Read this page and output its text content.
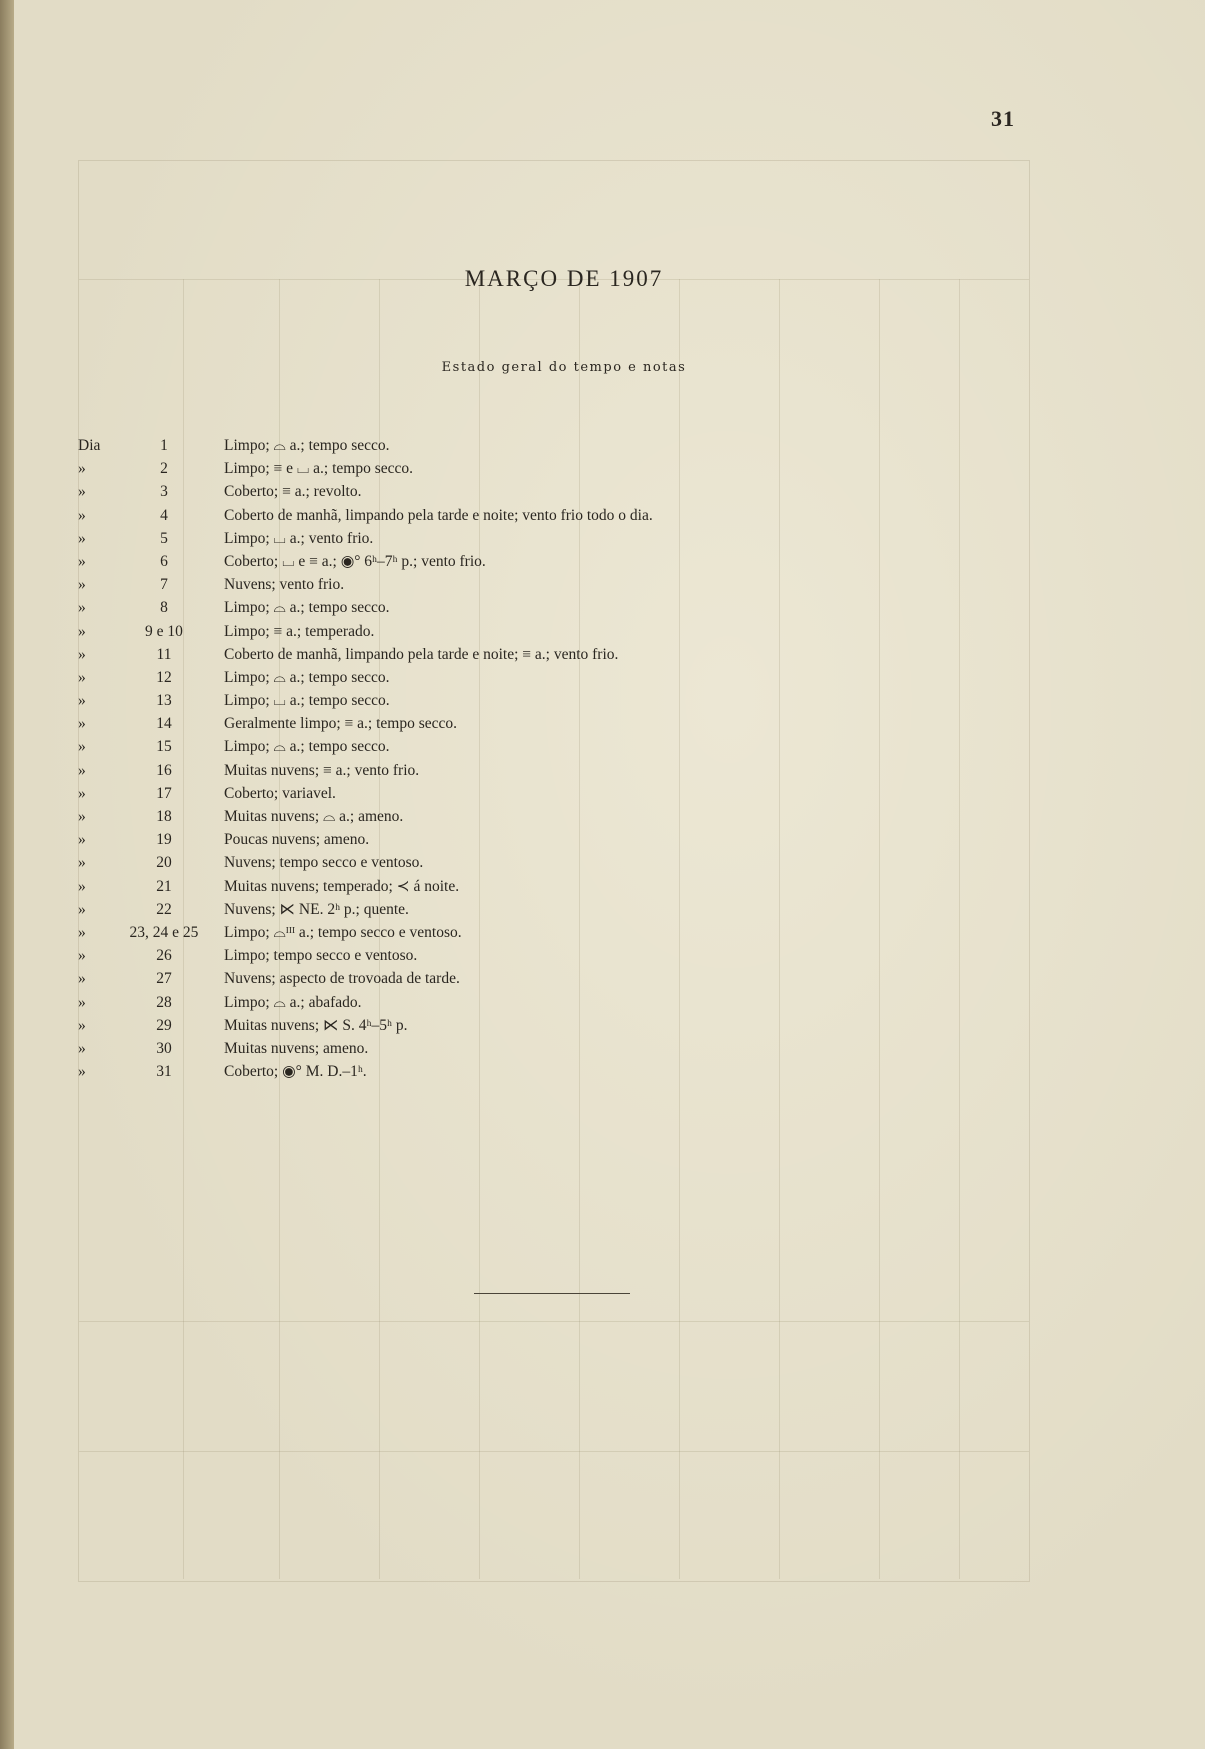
31
MARÇO DE 1907
Estado geral do tempo e notas
Dia	1	Limpo; ⌓ a.; tempo secco.
»	2	Limpo; ≡ e ⌴ a.; tempo secco.
»	3	Coberto; ≡ a.; revolto.
»	4	Coberto de manhã, limpando pela tarde e noite; vento frio todo o dia.
»	5	Limpo; ⌴ a.; vento frio.
»	6	Coberto; ⌴ e ≡ a.; ◉° 6ʰ–7ʰ p.; vento frio.
»	7	Nuvens; vento frio.
»	8	Limpo; ⌓ a.; tempo secco.
»	9 e 10	Limpo; ≡ a.; temperado.
»	11	Coberto de manhã, limpando pela tarde e noite; ≡ a.; vento frio.
»	12	Limpo; ⌓ a.; tempo secco.
»	13	Limpo; ⌴ a.; tempo secco.
»	14	Geralmente limpo; ≡ a.; tempo secco.
»	15	Limpo; ⌓ a.; tempo secco.
»	16	Muitas nuvens; ≡ a.; vento frio.
»	17	Coberto; variavel.
»	18	Muitas nuvens; ⌓ a.; ameno.
»	19	Poucas nuvens; ameno.
»	20	Nuvens; tempo secco e ventoso.
»	21	Muitas nuvens; temperado; ≺ á noite.
»	22	Nuvens; ⋉ NE. 2ʰ p.; quente.
»	23, 24 e 25	Limpo; ⌓ᴵᴵᴵ a.; tempo secco e ventoso.
»	26	Limpo; tempo secco e ventoso.
»	27	Nuvens; aspecto de trovoada de tarde.
»	28	Limpo; ⌓ a.; abafado.
»	29	Muitas nuvens; ⋉ S. 4ʰ–5ʰ p.
»	30	Muitas nuvens; ameno.
»	31	Coberto; ◉° M. D.–1ʰ.
